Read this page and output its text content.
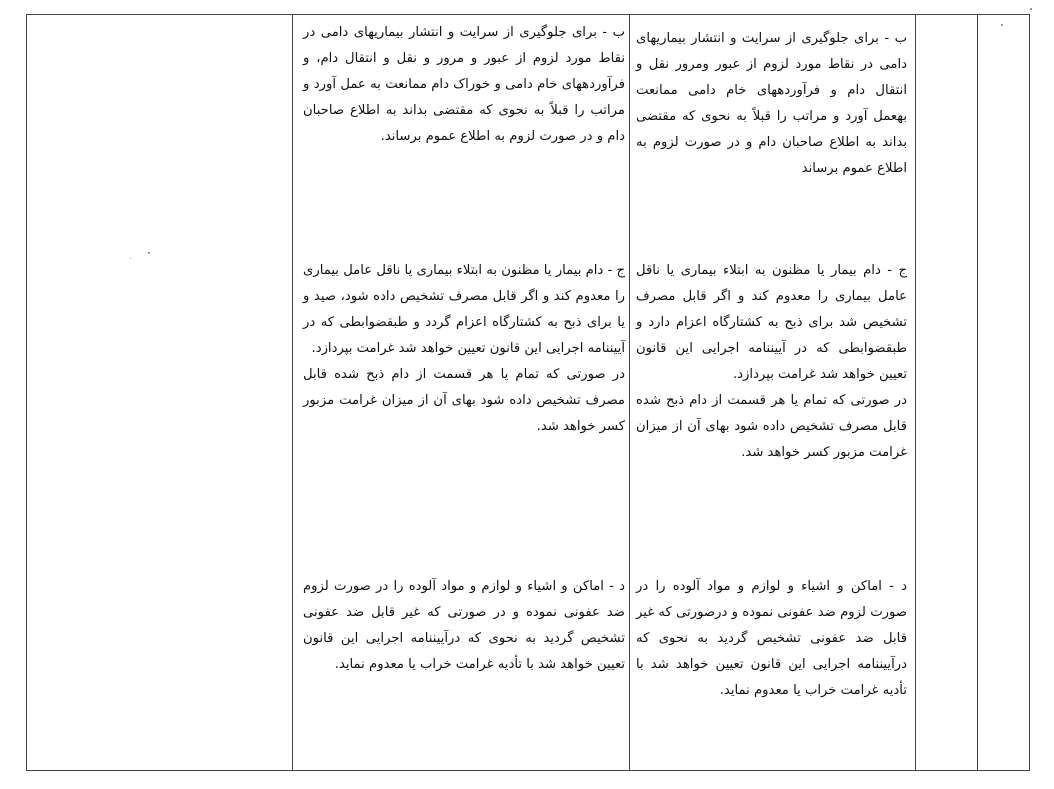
ب - برای جلوگیری از سرایت و انتشار بیماریهای دامی در نقاط مورد لزوم از عبور و مرور و نقل و انتقال دام، و فرآوردههای خام دامی و خوراک دام ممانعت به عمل آورد و مراتب را قبلاً به نحوی که مقتضی بداند به اطلاع صاحبان دام و در صورت لزوم به اطلاع عموم برساند.
ج - دام بیمار یا مظنون به ابتلاء بیماری یا ناقل عامل بیماری را معدوم کند و اگر قابل مصرف تشخیص داده شود، صید و یا برای ذبح به کشتارگاه اعزام گردد و طبقضوابطی که در آییننامه اجرایی این قانون تعیین خواهد شد غرامت بپردازد.
در صورتی که تمام یا هر قسمت از دام ذبح شده قابل مصرف تشخیص داده شود بهای آن از میزان غرامت مزبور کسر خواهد شد.
د - اماکن و اشیاء و لوازم و مواد آلوده را در صورت لزوم ضد عفونی نموده و در صورتی که غیر قابل ضد عفونی تشخیص گردید به نحوی که درآییننامه اجرایی این قانون تعیین خواهد شد با تأدیه غرامت خراب یا معدوم نماید.
ب - برای جلوگیری از سرایت و انتشار بیماریهای دامی در نقاط مورد لزوم از عبور ومرور نقل و انتقال دام و فرآوردههای خام دامی ممانعت بهعمل آورد و مراتب را قبلاً به نحوی که مقتضی بداند به اطلاع صاحبان دام و در صورت لزوم به اطلاع عموم برساند
ج - دام بیمار یا مظنون به ابتلاء بیماری یا ناقل عامل بیماری را معدوم کند و اگر قابل مصرف تشخیص شد برای ذبح به کشتارگاه اعزام دارد و طبقضوابطی که در آییننامه اجرایی این قانون تعیین خواهد شد غرامت بپردازد.
در صورتی که تمام یا هر قسمت از دام ذبح شده قابل مصرف تشخیص داده شود بهای آن از میزان غرامت مزبور کسر خواهد شد.
د - اماکن و اشیاء و لوازم و مواد آلوده را در صورت لزوم ضد عفونی نموده و درصورتی که غیر قابل ضد عفونی تشخیص گردید به نحوی که درآییننامه اجرایی این قانون تعیین خواهد شد با تأدیه غرامت خراب یا معدوم نماید.
